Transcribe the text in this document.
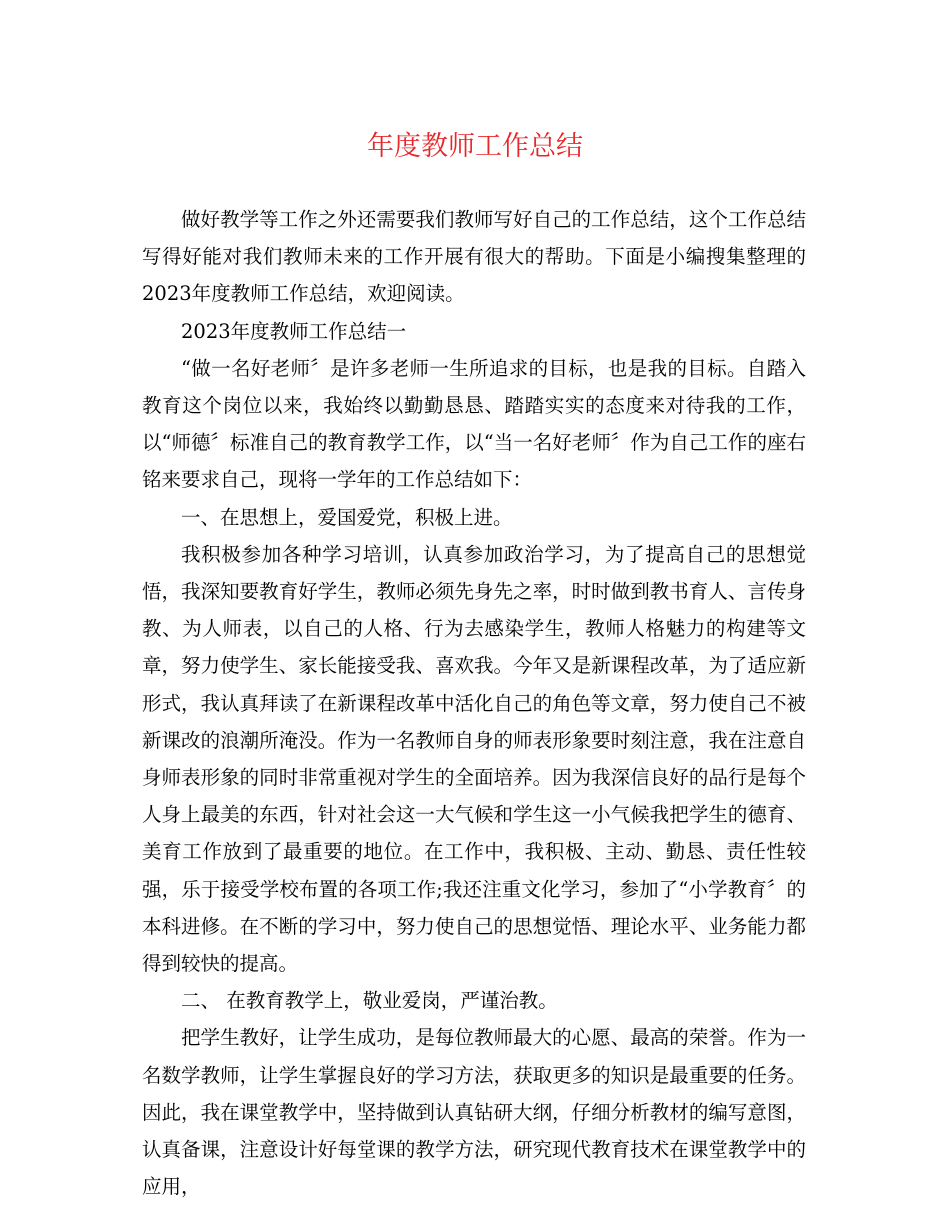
年度教师工作总结

做好教学等工作之外还需要我们教师写好自己的工作总结，这个工作总结写得好能对我们教师未来的工作开展有很大的帮助。下面是小编搜集整理的2023年度教师工作总结，欢迎阅读。

2023年度教师工作总结一

“做一名好老师〞是许多老师一生所追求的目标，也是我的目标。自踏入教育这个岗位以来，我始终以勤勤恳恳、踏踏实实的态度来对待我的工作，以“师德〞标准自己的教育教学工作，以“当一名好老师〞作为自己工作的座右铭来要求自己，现将一学年的工作总结如下：

一、在思想上，爱国爱党，积极上进。

我积极参加各种学习培训，认真参加政治学习，为了提高自己的思想觉悟，我深知要教育好学生，教师必须先身先之率，时时做到教书育人、言传身教、为人师表，以自己的人格、行为去感染学生，教师人格魅力的构建等文章，努力使学生、家长能接受我、喜欢我。今年又是新课程改革，为了适应新形式，我认真拜读了在新课程改革中活化自己的角色等文章，努力使自己不被新课改的浪潮所淹没。作为一名教师自身的师表形象要时刻注意，我在注意自身师表形象的同时非常重视对学生的全面培养。因为我深信良好的品行是每个人身上最美的东西，针对社会这一大气候和学生这一小气候我把学生的德育、美育工作放到了最重要的地位。在工作中，我积极、主动、勤恳、责任性较强，乐于接受学校布置的各项工作;我还注重文化学习，参加了“小学教育〞的本科进修。在不断的学习中，努力使自己的思想觉悟、理论水平、业务能力都得到较快的提高。

二、 在教育教学上，敬业爱岗，严谨治教。

把学生教好，让学生成功，是每位教师最大的心愿、最高的荣誉。作为一名数学教师，让学生掌握良好的学习方法，获取更多的知识是最重要的任务。因此，我在课堂教学中，坚持做到认真钻研大纲，仔细分析教材的编写意图，认真备课，注意设计好每堂课的教学方法，研究现代教育技术在课堂教学中的应用，
